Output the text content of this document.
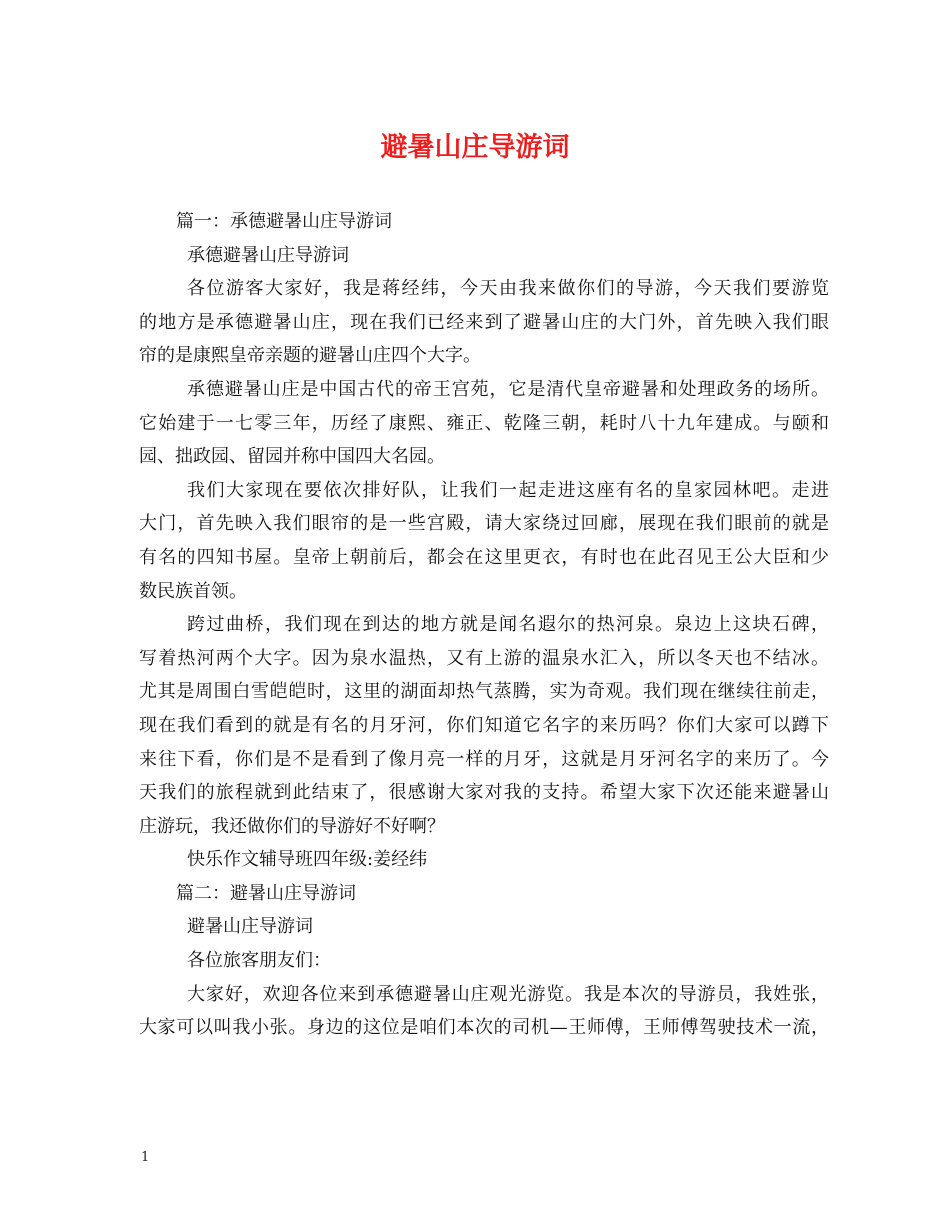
避暑山庄导游词
篇一：承德避暑山庄导游词
承德避暑山庄导游词
各位游客大家好，我是蒋经纬，今天由我来做你们的导游，今天我们要游览
的地方是承德避暑山庄，现在我们已经来到了避暑山庄的大门外，首先映入我们眼
帘的是康熙皇帝亲题的避暑山庄四个大字。
承德避暑山庄是中国古代的帝王宫苑，它是清代皇帝避暑和处理政务的场所。
它始建于一七零三年，历经了康熙、雍正、乾隆三朝，耗时八十九年建成。与颐和
园、拙政园、留园并称中国四大名园。
我们大家现在要依次排好队，让我们一起走进这座有名的皇家园林吧。走进
大门，首先映入我们眼帘的是一些宫殿，请大家绕过回廊，展现在我们眼前的就是
有名的四知书屋。皇帝上朝前后，都会在这里更衣，有时也在此召见王公大臣和少
数民族首领。
跨过曲桥，我们现在到达的地方就是闻名遐尔的热河泉。泉边上这块石碑，
写着热河两个大字。因为泉水温热，又有上游的温泉水汇入，所以冬天也不结冰。
尤其是周围白雪皑皑时，这里的湖面却热气蒸腾，实为奇观。我们现在继续往前走，
现在我们看到的就是有名的月牙河，你们知道它名字的来历吗？你们大家可以蹲下
来往下看，你们是不是看到了像月亮一样的月牙，这就是月牙河名字的来历了。今
天我们的旅程就到此结束了，很感谢大家对我的支持。希望大家下次还能来避暑山
庄游玩，我还做你们的导游好不好啊？
快乐作文辅导班四年级:姜经纬
篇二：避暑山庄导游词
避暑山庄导游词
各位旅客朋友们：
大家好，欢迎各位来到承德避暑山庄观光游览。我是本次的导游员，我姓张，
大家可以叫我小张。身边的这位是咱们本次的司机—王师傅，王师傅驾驶技术一流，
1
